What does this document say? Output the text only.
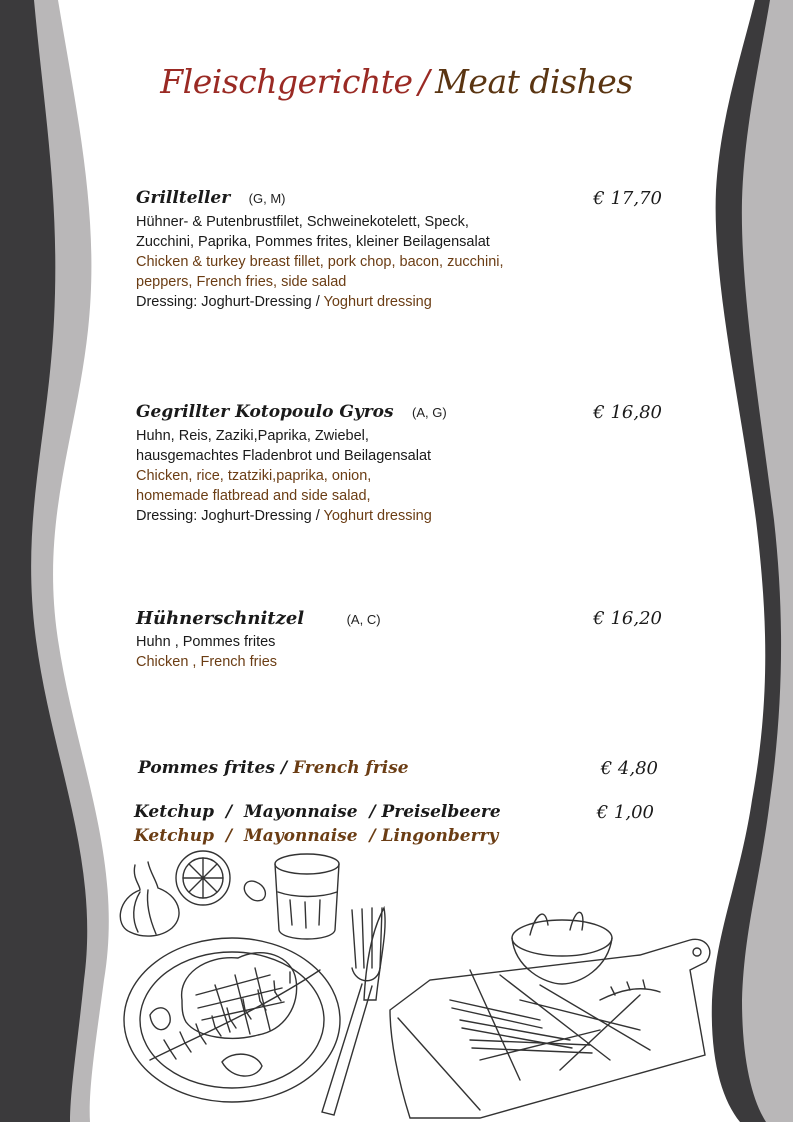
Fleischgerichte / Meat dishes
Grillteller (G, M)	€ 17,70
Hühner- & Putenbrustfilet, Schweinekotelett, Speck,
Zucchini, Paprika, Pommes frites, kleiner Beilagensalat
Chicken & turkey breast fillet, pork chop, bacon, zucchini,
peppers, French fries, side salad
Dressing: Joghurt-Dressing / Yoghurt dressing
Gegrillter Kotopoulo Gyros (A, G)	€ 16,80
Huhn, Reis, Zaziki,Paprika, Zwiebel,
hausgemachtes Fladenbrot und Beilagensalat
Chicken, rice, tzatziki,paprika, onion,
homemade flatbread and side salad,
Dressing: Joghurt-Dressing / Yoghurt dressing
Hühnerschnitzel	(A, C)	€ 16,20
Huhn , Pommes frites
Chicken , French fries
Pommes frites / French frise	€ 4,80
Ketchup  /  Mayonnaise  / Preiselbeere	€ 1,00
Ketchup  /  Mayonnaise  / Lingonberry
